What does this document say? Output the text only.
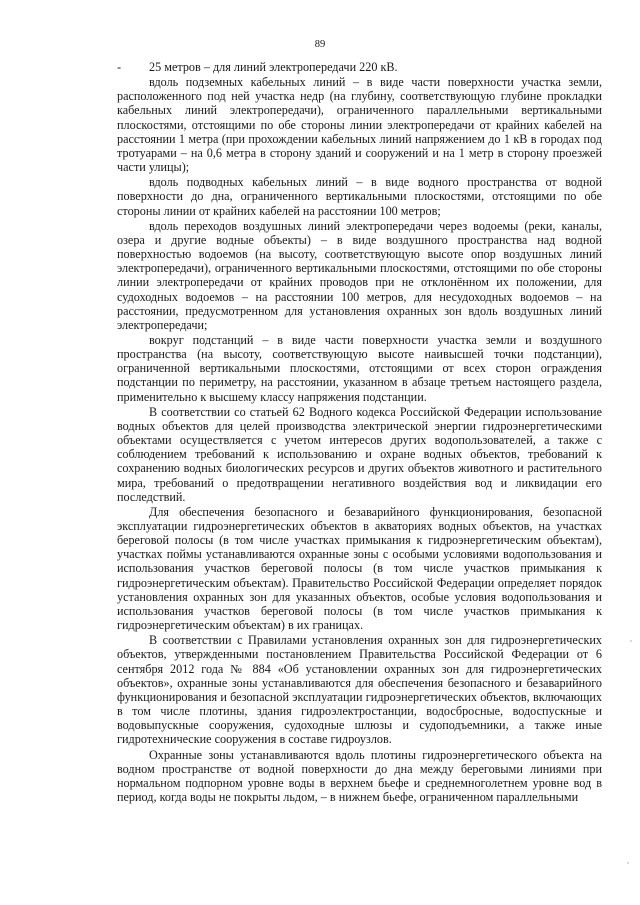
89

- 25 метров – для линий электропередачи 220 кВ.

вдоль подземных кабельных линий – в виде части поверхности участка земли, расположенного под ней участка недр (на глубину, соответствующую глубине прокладки кабельных линий электропередачи), ограниченного параллельными вертикальными плоскостями, отстоящими по обе стороны линии электропередачи от крайних кабелей на расстоянии 1 метра (при прохождении кабельных линий напряжением до 1 кВ в городах под тротуарами – на 0,6 метра в сторону зданий и сооружений и на 1 метр в сторону проезжей части улицы);

вдоль подводных кабельных линий – в виде водного пространства от водной поверхности до дна, ограниченного вертикальными плоскостями, отстоящими по обе стороны линии от крайних кабелей на расстоянии 100 метров;

вдоль переходов воздушных линий электропередачи через водоемы (реки, каналы, озера и другие водные объекты) – в виде воздушного пространства над водной поверхностью водоемов (на высоту, соответствующую высоте опор воздушных линий электропередачи), ограниченного вертикальными плоскостями, отстоящими по обе стороны линии электропередачи от крайних проводов при не отклонённом их положении, для судоходных водоемов – на расстоянии 100 метров, для несудоходных водоемов – на расстоянии, предусмотренном для установления охранных зон вдоль воздушных линий электропередачи;

вокруг подстанций – в виде части поверхности участка земли и воздушного пространства (на высоту, соответствующую высоте наивысшей точки подстанции), ограниченной вертикальными плоскостями, отстоящими от всех сторон ограждения подстанции по периметру, на расстоянии, указанном в абзаце третьем настоящего раздела, применительно к высшему классу напряжения подстанции.

В соответствии со статьей 62 Водного кодекса Российской Федерации использование водных объектов для целей производства электрической энергии гидроэнергетическими объектами осуществляется с учетом интересов других водопользователей, а также с соблюдением требований к использованию и охране водных объектов, требований к сохранению водных биологических ресурсов и других объектов животного и растительного мира, требований о предотвращении негативного воздействия вод и ликвидации его последствий.

Для обеспечения безопасного и безаварийного функционирования, безопасной эксплуатации гидроэнергетических объектов в акваториях водных объектов, на участках береговой полосы (в том числе участках примыкания к гидроэнергетическим объектам), участках поймы устанавливаются охранные зоны с особыми условиями водопользования и использования участков береговой полосы (в том числе участков примыкания к гидроэнергетическим объектам). Правительство Российской Федерации определяет порядок установления охранных зон для указанных объектов, особые условия водопользования и использования участков береговой полосы (в том числе участков примыкания к гидроэнергетическим объектам) в их границах.

В соответствии с Правилами установления охранных зон для гидроэнергетических объектов, утвержденными постановлением Правительства Российской Федерации от 6 сентября 2012 года № 884 «Об установлении охранных зон для гидроэнергетических объектов», охранные зоны устанавливаются для обеспечения безопасного и безаварийного функционирования и безопасной эксплуатации гидроэнергетических объектов, включающих в том числе плотины, здания гидроэлектростанции, водосбросные, водоспускные и водовыпускные сооружения, судоходные шлюзы и судоподъемники, а также иные гидротехнические сооружения в составе гидроузлов.

Охранные зоны устанавливаются вдоль плотины гидроэнергетического объекта на водном пространстве от водной поверхности до дна между береговыми линиями при нормальном подпорном уровне воды в верхнем бьефе и среднемноголетнем уровне вод в период, когда воды не покрыты льдом, – в нижнем бьефе, ограниченном параллельными
